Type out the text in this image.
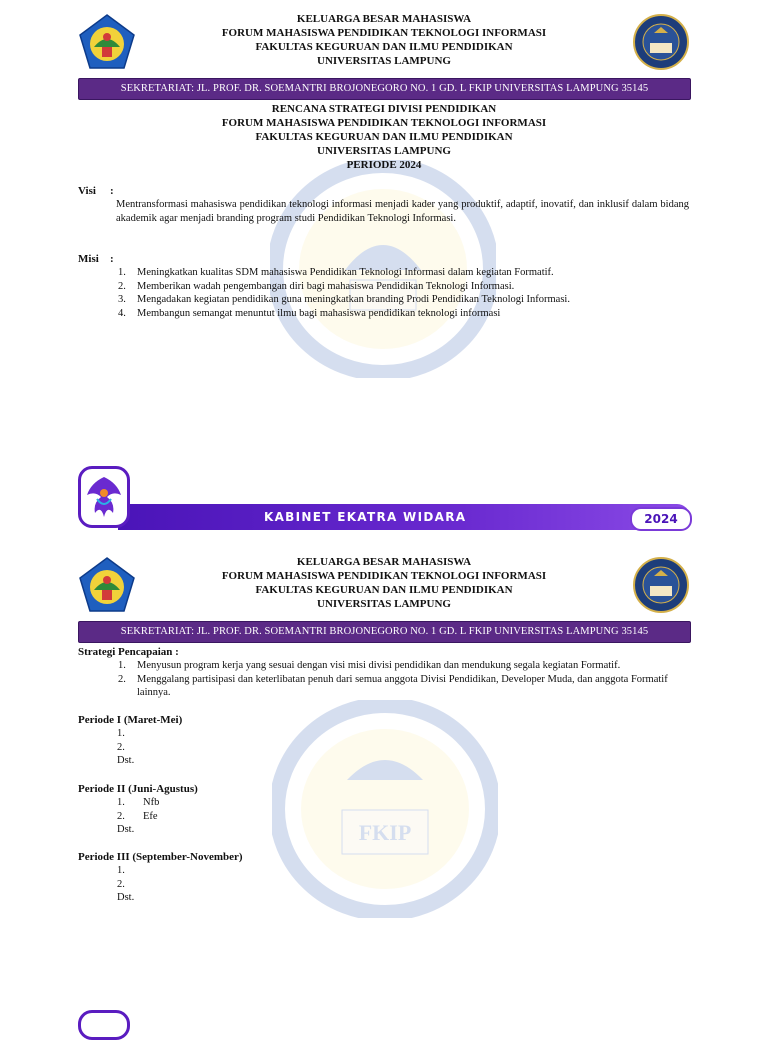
KELUARGA BESAR MAHASISWA
FORUM MAHASISWA PENDIDIKAN TEKNOLOGI INFORMASI
FAKULTAS KEGURUAN DAN ILMU PENDIDIKAN
UNIVERSITAS LAMPUNG
SEKRETARIAT: JL. PROF. DR. SOEMANTRI BROJONEGORO NO. 1 GD. L FKIP UNIVERSITAS LAMPUNG 35145
RENCANA STRATEGI DIVISI PENDIDIKAN
FORUM MAHASISWA PENDIDIKAN TEKNOLOGI INFORMASI
FAKULTAS KEGURUAN DAN ILMU PENDIDIKAN
UNIVERSITAS LAMPUNG
PERIODE 2024
Visi :
Mentransformasi mahasiswa pendidikan teknologi informasi menjadi kader yang produktif, adaptif, inovatif, dan inklusif dalam bidang akademik agar menjadi branding program studi Pendidikan Teknologi Informasi.
Misi :
1. Meningkatkan kualitas SDM mahasiswa Pendidikan Teknologi Informasi dalam kegiatan Formatif.
2. Memberikan wadah pengembangan diri bagi mahasiswa Pendidikan Teknologi Informasi.
3. Mengadakan kegiatan pendidikan guna meningkatkan branding Prodi Pendidikan Teknologi Informasi.
4. Membangun semangat menuntut ilmu bagi mahasiswa pendidikan teknologi informasi
KABINET EKATRA WIDARA	2024
KELUARGA BESAR MAHASISWA
FORUM MAHASISWA PENDIDIKAN TEKNOLOGI INFORMASI
FAKULTAS KEGURUAN DAN ILMU PENDIDIKAN
UNIVERSITAS LAMPUNG
SEKRETARIAT: JL. PROF. DR. SOEMANTRI BROJONEGORO NO. 1 GD. L FKIP UNIVERSITAS LAMPUNG 35145
FKIP
Strategi Pencapaian :
1. Menyusun program kerja yang sesuai dengan visi misi divisi pendidikan dan mendukung segala kegiatan Formatif.
2. Menggalang partisipasi dan keterlibatan penuh dari semua anggota Divisi Pendidikan, Developer Muda, dan anggota Formatif lainnya.
Periode I (Maret-Mei)
1.
2.
Dst.
Periode II (Juni-Agustus)
1. Nfb
2. Efe
Dst.
Periode III (September-November)
1.
2.
Dst.
